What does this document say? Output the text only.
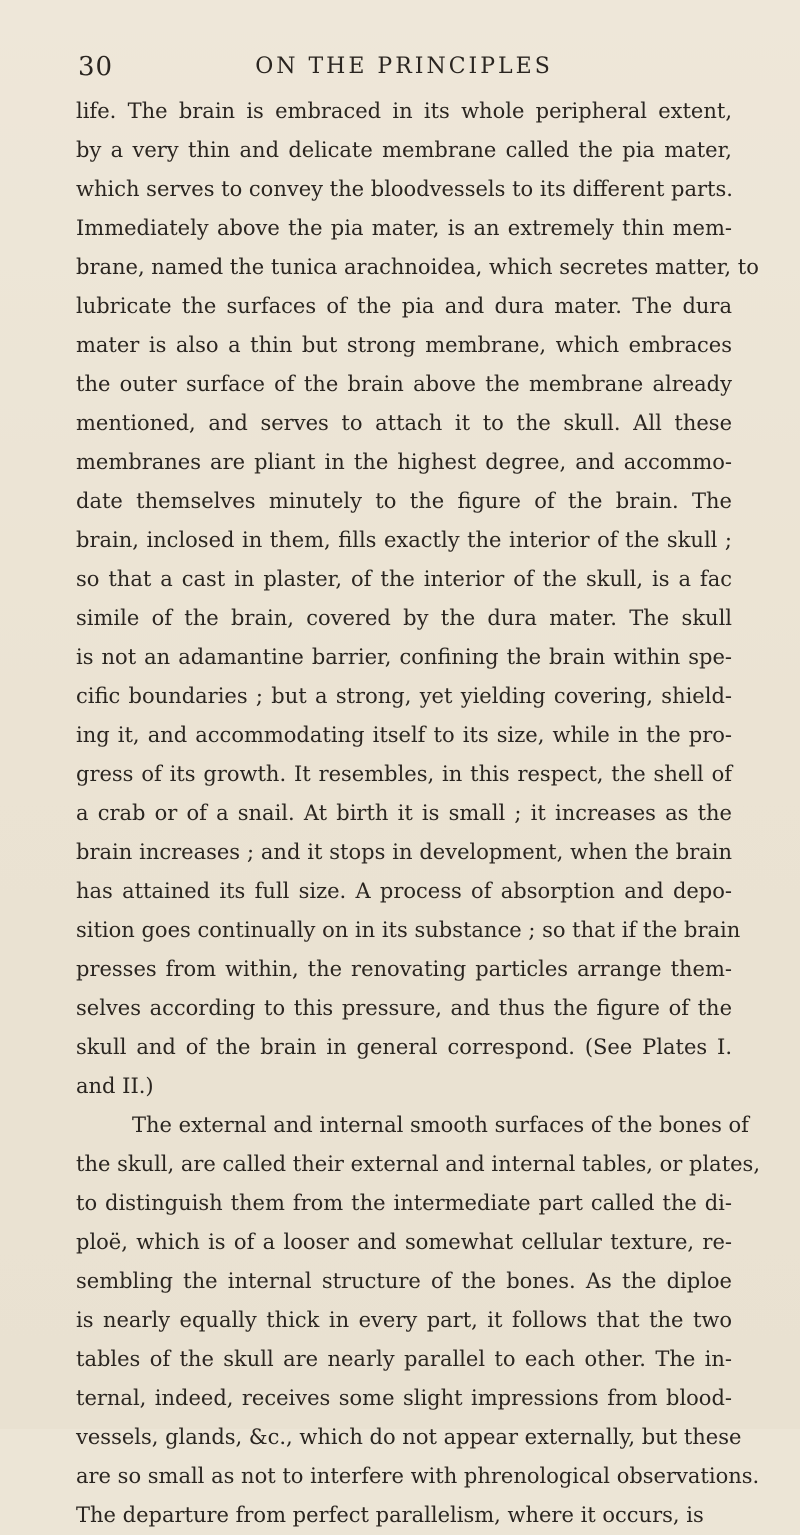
30	ON THE PRINCIPLES
life. The brain is embraced in its whole peripheral extent,
by a very thin and delicate membrane called the pia mater,
which serves to convey the bloodvessels to its different parts.
Immediately above the pia mater, is an extremely thin mem-
brane, named the tunica arachnoidea, which secretes matter, to
lubricate the surfaces of the pia and dura mater. The dura
mater is also a thin but strong membrane, which embraces
the outer surface of the brain above the membrane already
mentioned, and serves to attach it to the skull. All these
membranes are pliant in the highest degree, and accommo-
date themselves minutely to the figure of the brain. The
brain, inclosed in them, fills exactly the interior of the skull ;
so that a cast in plaster, of the interior of the skull, is a fac
simile of the brain, covered by the dura mater. The skull
is not an adamantine barrier, confining the brain within spe-
cific boundaries ; but a strong, yet yielding covering, shield-
ing it, and accommodating itself to its size, while in the pro-
gress of its growth. It resembles, in this respect, the shell of
a crab or of a snail. At birth it is small ; it increases as the
brain increases ; and it stops in development, when the brain
has attained its full size. A process of absorption and depo-
sition goes continually on in its substance ; so that if the brain
presses from within, the renovating particles arrange them-
selves according to this pressure, and thus the figure of the
skull and of the brain in general correspond. (See Plates I.
and II.)
The external and internal smooth surfaces of the bones of
the skull, are called their external and internal tables, or plates,
to distinguish them from the intermediate part called the di-
ploë, which is of a looser and somewhat cellular texture, re-
sembling the internal structure of the bones. As the diploe
is nearly equally thick in every part, it follows that the two
tables of the skull are nearly parallel to each other. The in-
ternal, indeed, receives some slight impressions from blood-
vessels, glands, &c., which do not appear externally, but these
are so small as not to interfere with phrenological observations.
The departure from perfect parallelism, where it occurs, is
